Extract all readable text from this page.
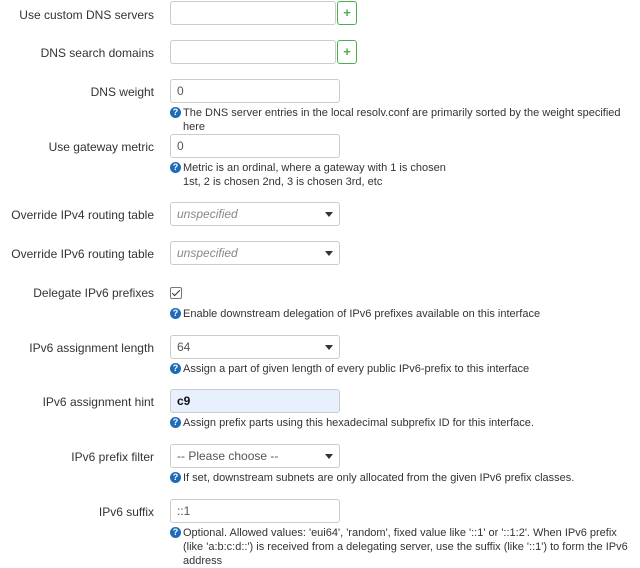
Use custom DNS servers	+
DNS search domains	+
DNS weight	0
? The DNS server entries in the local resolv.conf are primarily sorted by the weight specified here
Use gateway metric	0
? Metric is an ordinal, where a gateway with 1 is chosen 1st, 2 is chosen 2nd, 3 is chosen 3rd, etc
Override IPv4 routing table	unspecified
Override IPv6 routing table	unspecified
Delegate IPv6 prefixes
? Enable downstream delegation of IPv6 prefixes available on this interface
IPv6 assignment length	64
? Assign a part of given length of every public IPv6-prefix to this interface
IPv6 assignment hint	c9
? Assign prefix parts using this hexadecimal subprefix ID for this interface.
IPv6 prefix filter	-- Please choose --
? If set, downstream subnets are only allocated from the given IPv6 prefix classes.
IPv6 suffix	::1
? Optional. Allowed values: 'eui64', 'random', fixed value like '::1' or '::1:2'. When IPv6 prefix (like 'a:b:c:d::') is received from a delegating server, use the suffix (like '::1') to form the IPv6 address
